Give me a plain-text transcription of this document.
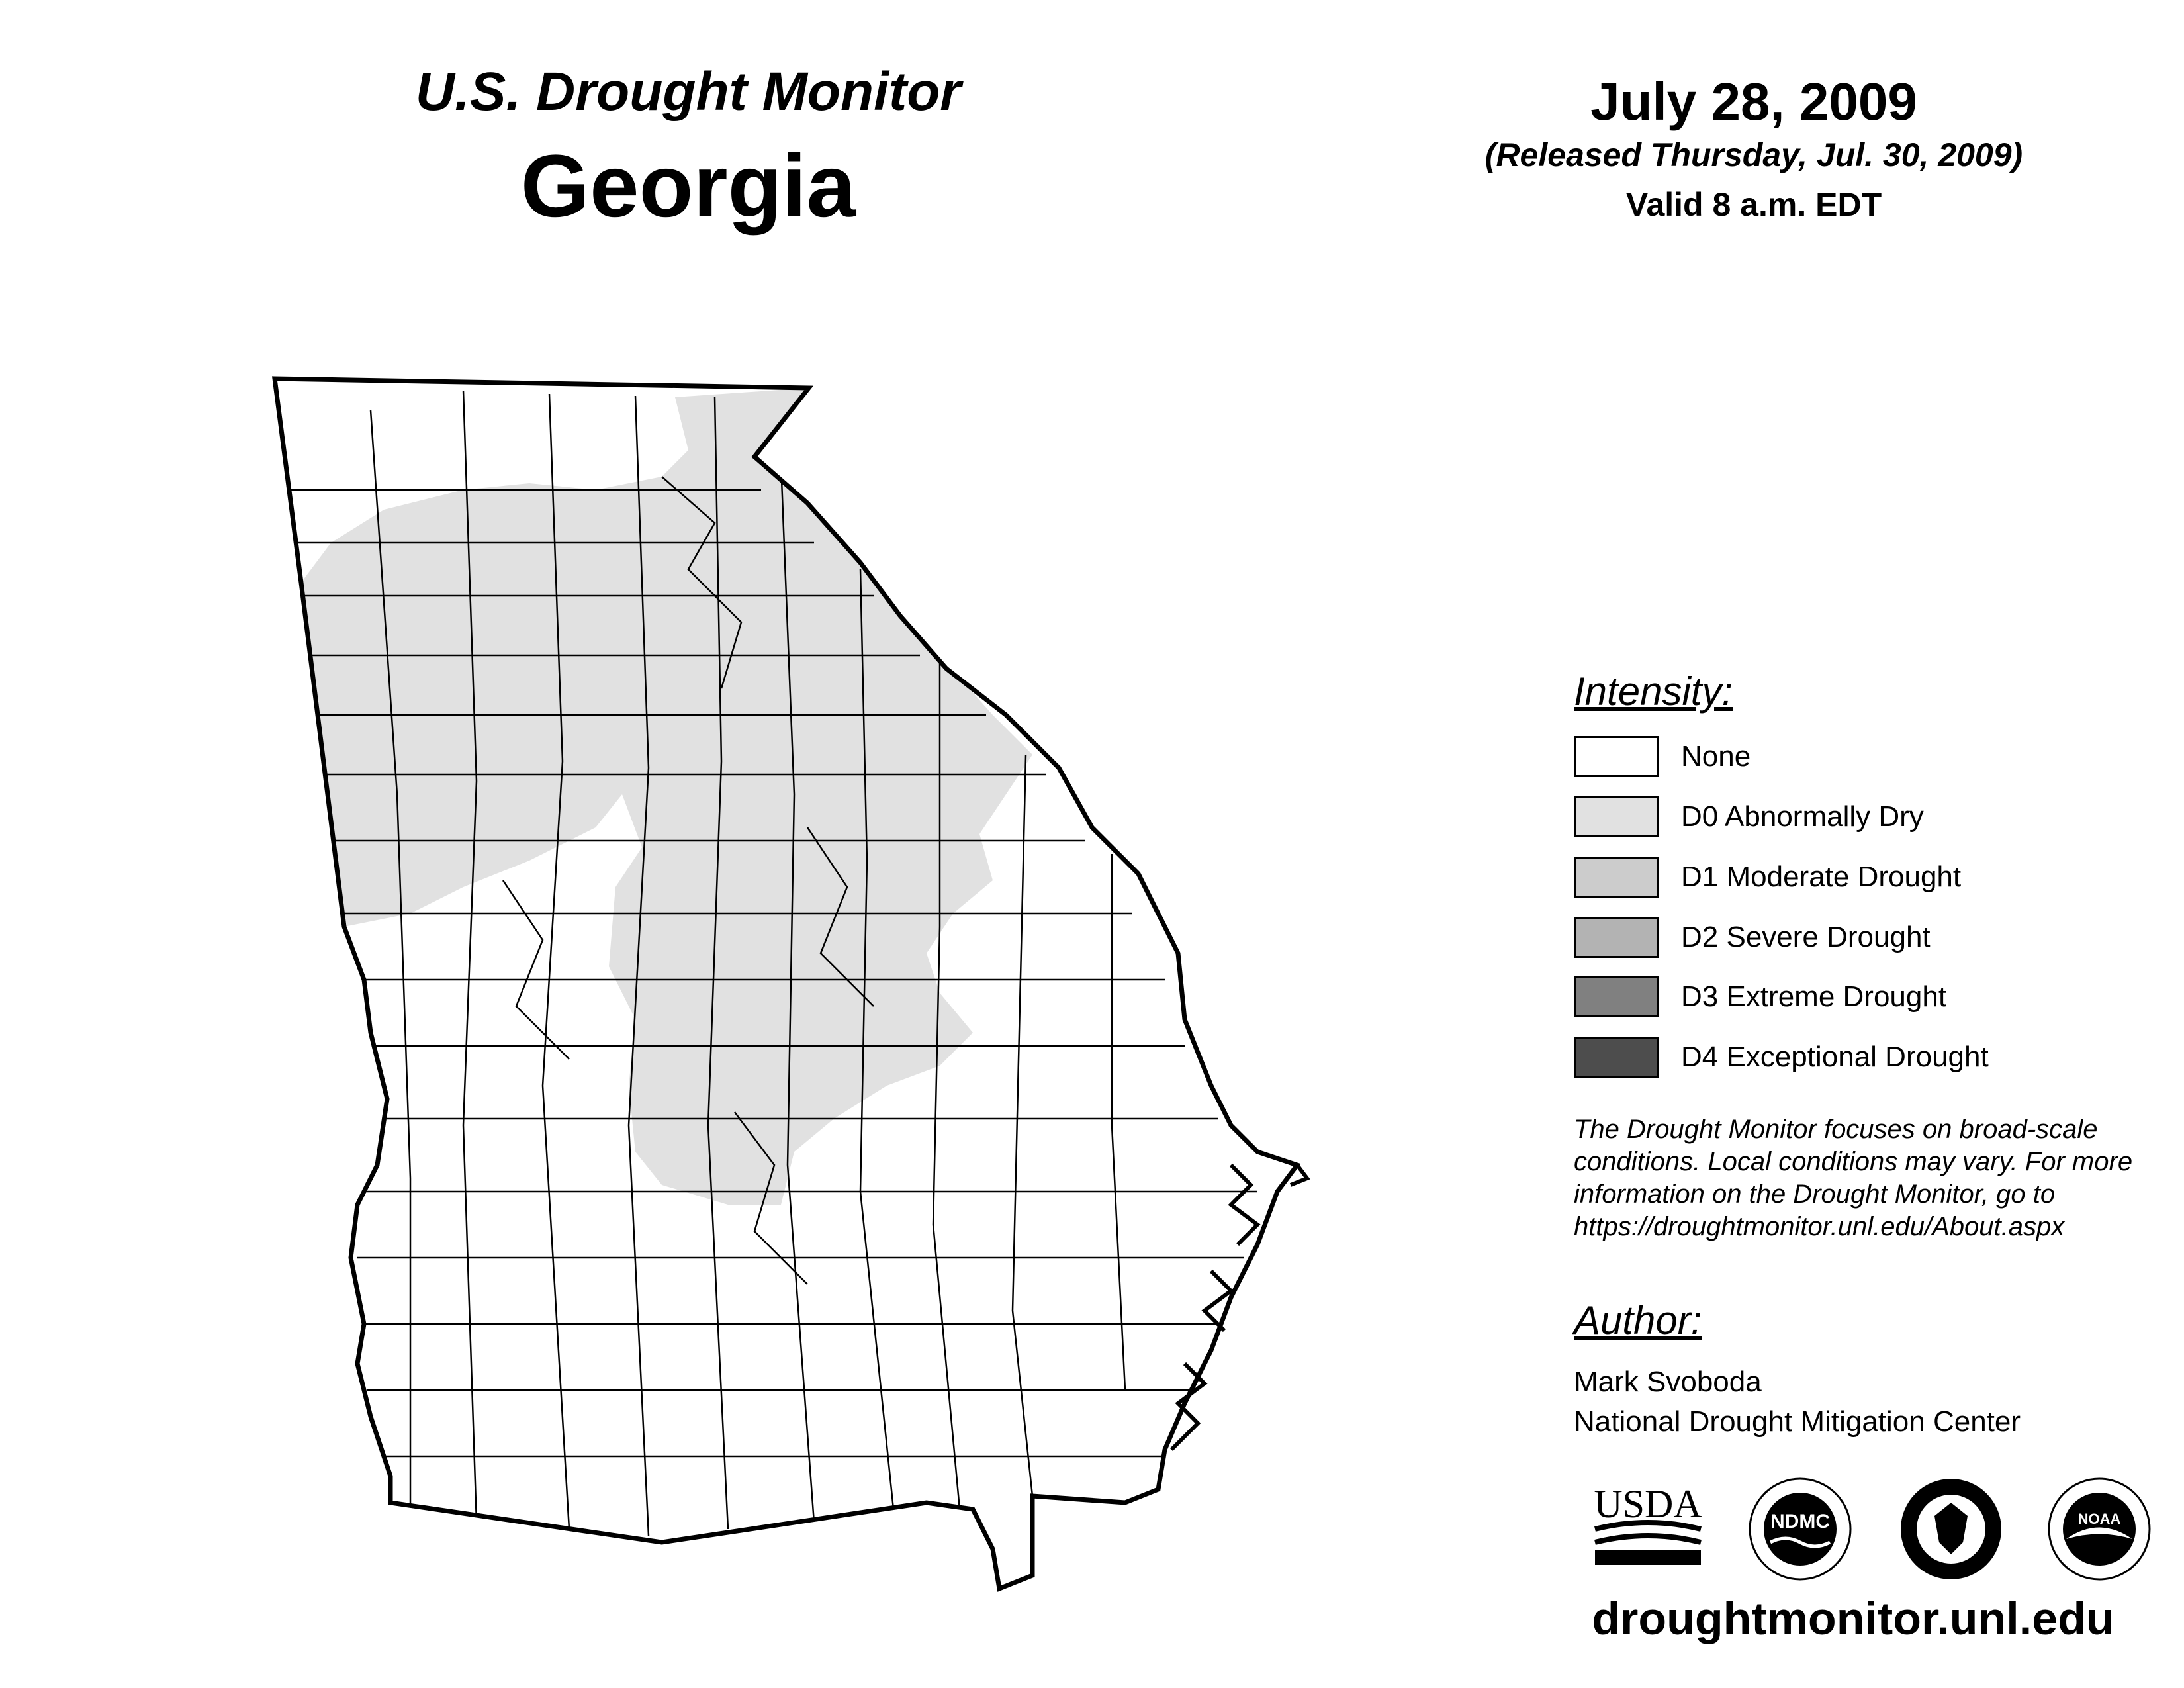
U.S. Drought Monitor
Georgia
July 28, 2009
(Released Thursday, Jul. 30, 2009)
Valid 8 a.m. EDT
Intensity:
None
D0 Abnormally Dry
D1 Moderate Drought
D2 Severe Drought
D3 Extreme Drought
D4 Exceptional Drought
The Drought Monitor focuses on broad-scale conditions. Local conditions may vary. For more information on the Drought Monitor, go to https://droughtmonitor.unl.edu/About.aspx
Author:
Mark Svoboda
National Drought Mitigation Center
USDA	NDMC	NOAA
droughtmonitor.unl.edu
